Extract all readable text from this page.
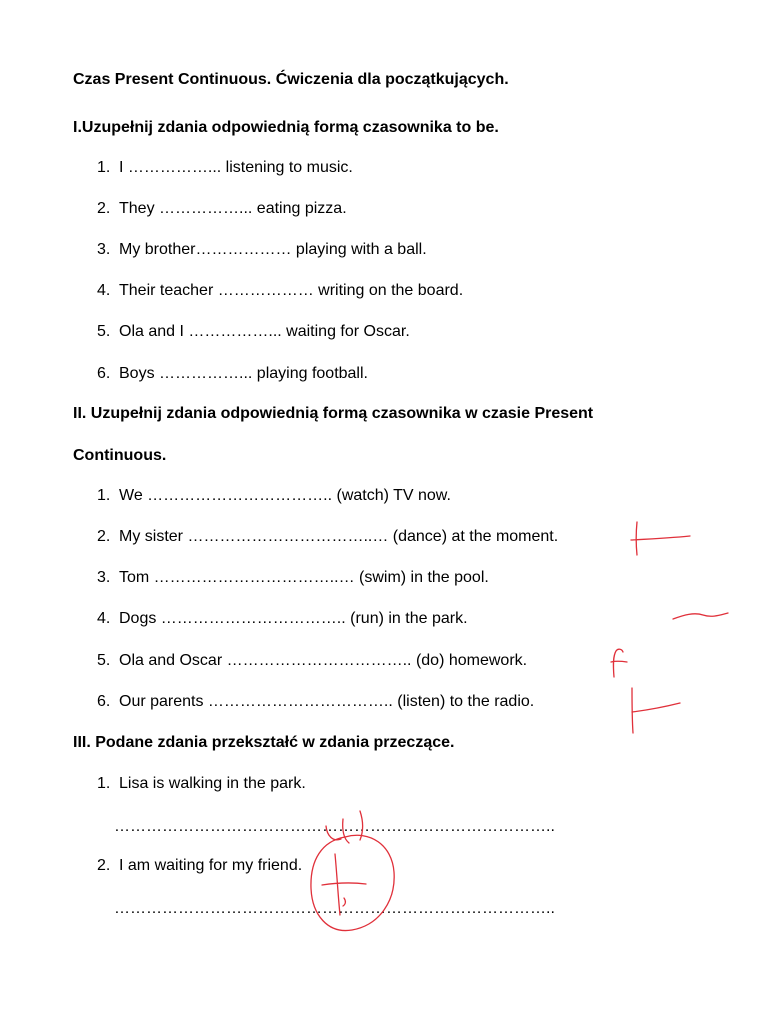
Czas Present Continuous. Ćwiczenia dla początkujących.
I.Uzupełnij zdania odpowiednią formą czasownika to be.
1. I ……………... listening to music.
2. They ……………... eating pizza.
3. My brother……………… playing with a ball.
4. Their teacher ……………… writing on the board.
5. Ola and I ……………... waiting for Oscar.
6. Boys ……………... playing football.
II. Uzupełnij zdania odpowiednią formą czasownika w czasie Present
Continuous.
1. We …………………………….. (watch) TV now.
2. My sister ……………………………..… (dance) at the moment.
3. Tom ……………………………..… (swim) in the pool.
4. Dogs …………………………….. (run) in the park.
5. Ola and Oscar …………………………….. (do) homework.
6. Our parents …………………………….. (listen) to the radio.
III. Podane zdania przekształć w zdania przeczące.
1. Lisa is walking in the park.
………………………………………………………………………..
2. I am waiting for my friend.
………………………………………………………………………..
